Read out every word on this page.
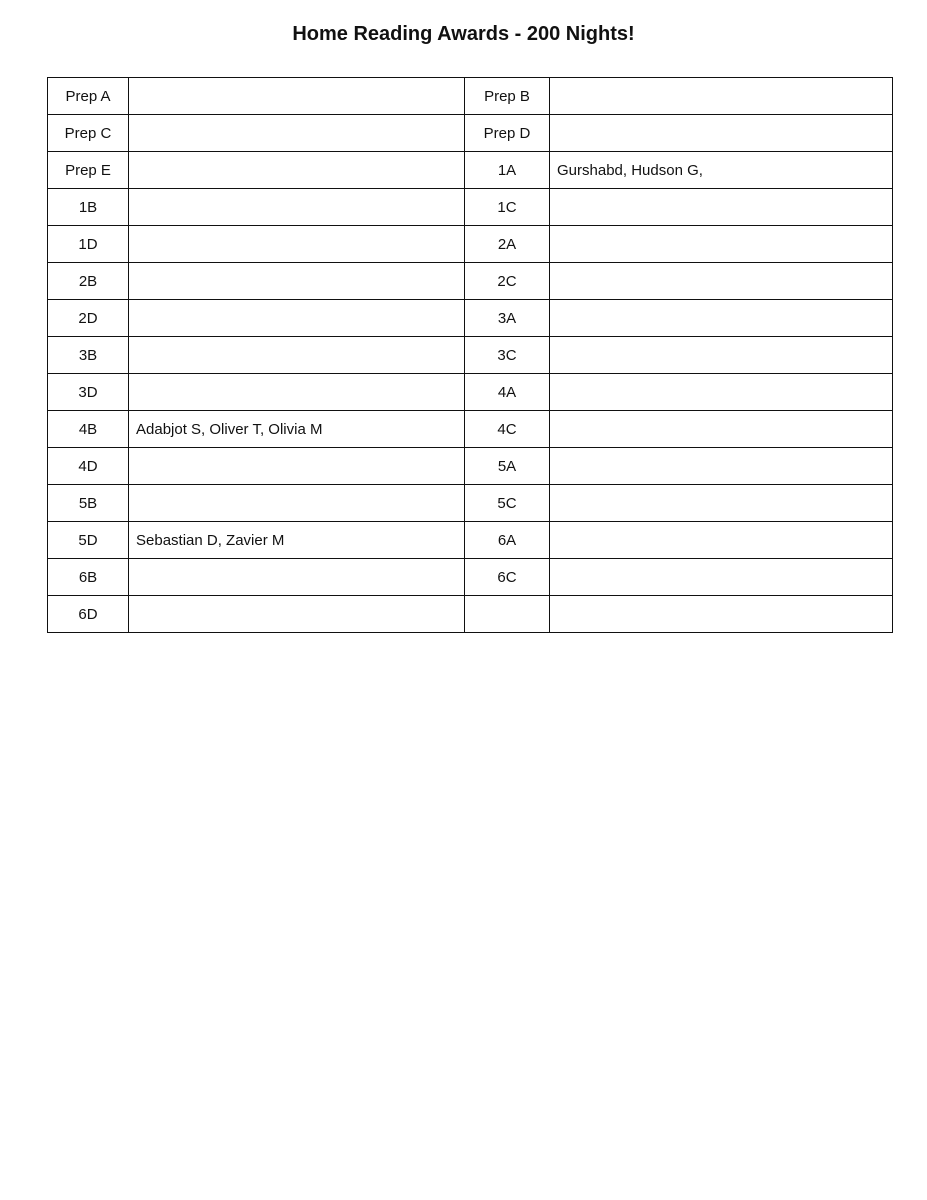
Home Reading Awards - 200 Nights!
Prep A		Prep B	
Prep C		Prep D	
Prep E		1A	Gurshabd, Hudson G,
1B		1C	
1D		2A	
2B		2C	
2D		3A	
3B		3C	
3D		4A	
4B	Adabjot S, Oliver T, Olivia M	4C	
4D		5A	
5B		5C	
5D	Sebastian D, Zavier M	6A	
6B		6C	
6D			
